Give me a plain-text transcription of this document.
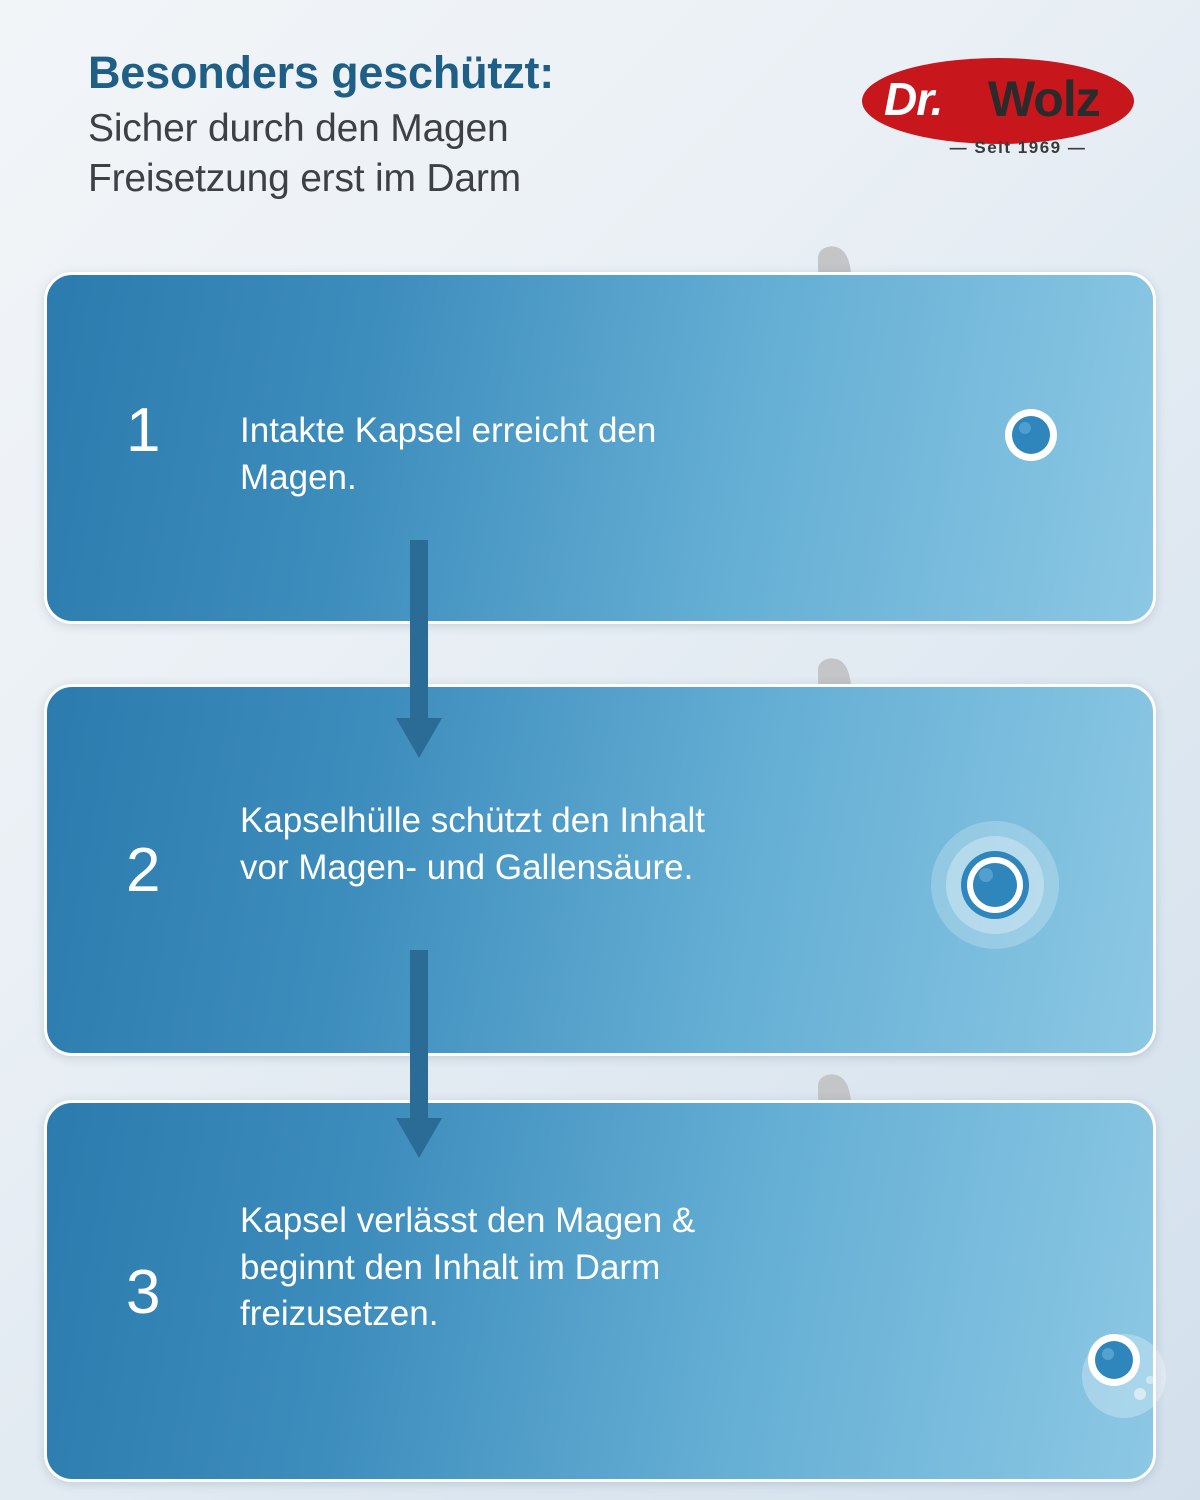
1 Intakte Kapsel erreicht den Magen.
2
Kapselhülle schützt den Inhalt vor Magen- und Gallensäure.
3
Kapsel verlässt den Magen & beginnt den Inhalt im Darm freizusetzen.
Besonders geschützt:
Sicher durch den Magen
Freisetzung erst im Darm
Dr. Wolz
— Seit 1969 —
